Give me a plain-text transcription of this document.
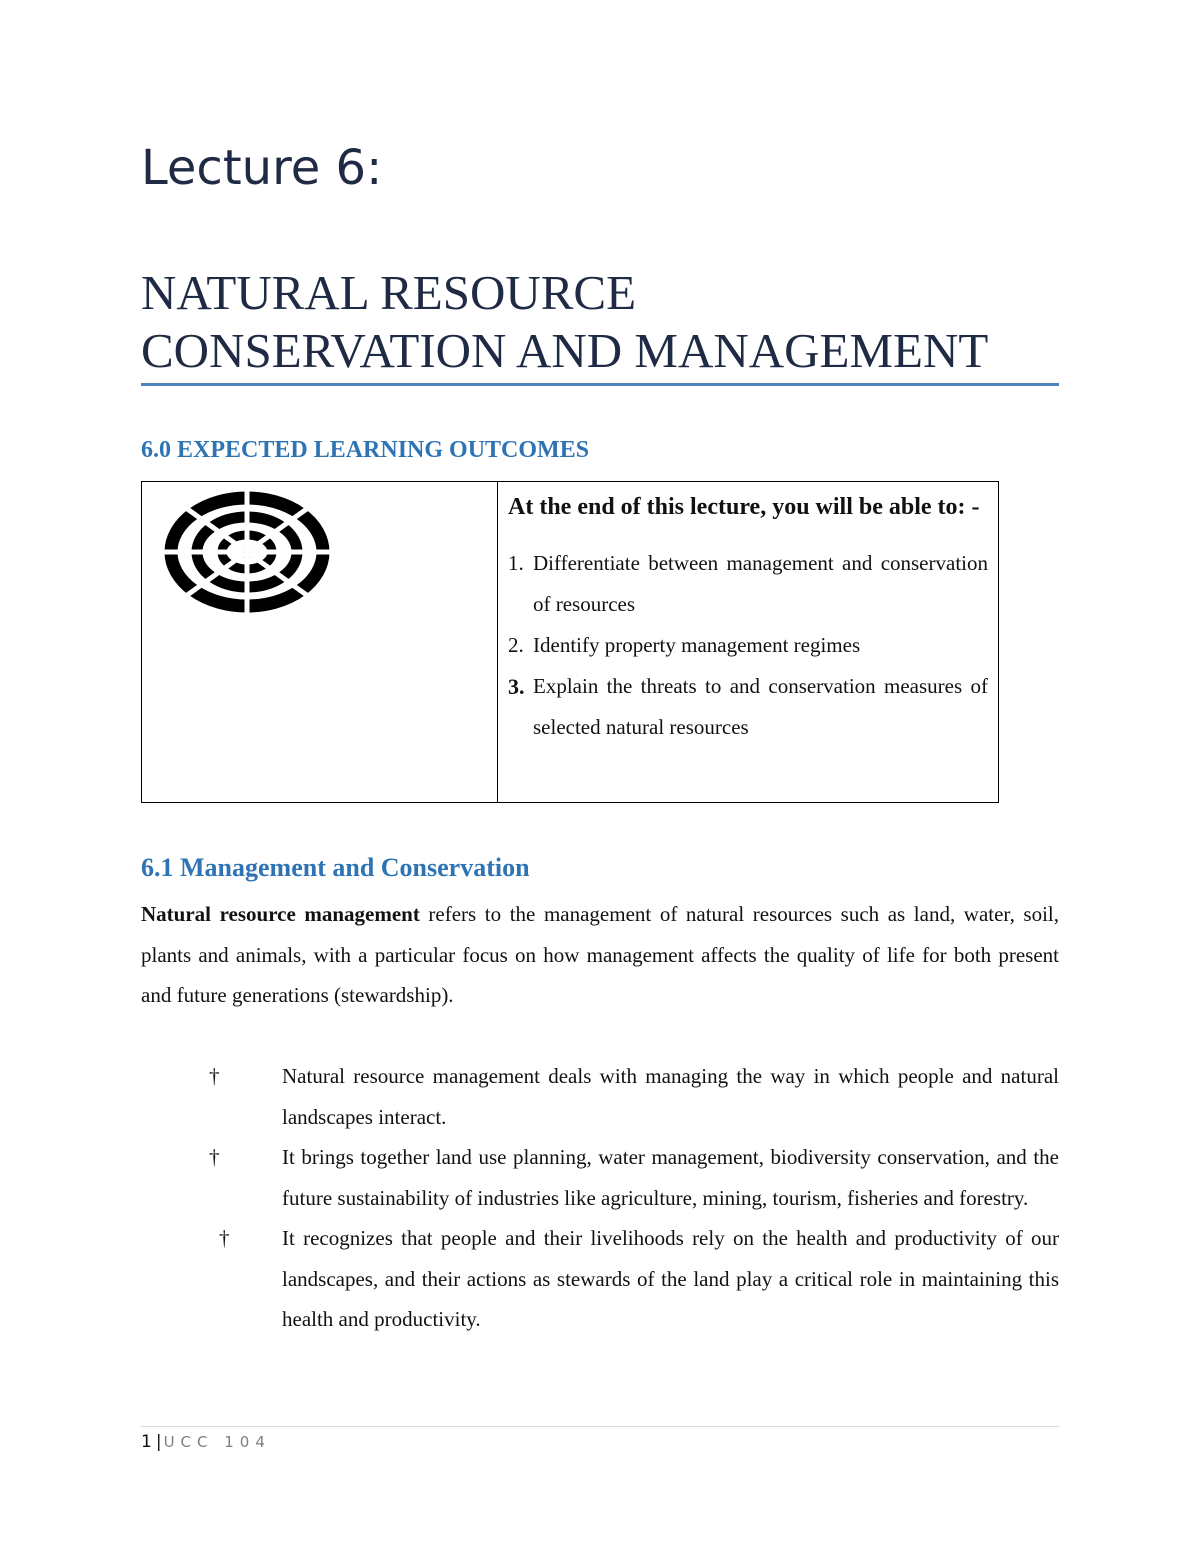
Lecture 6:
NATURAL RESOURCE
CONSERVATION AND MANAGEMENT
6.0 EXPECTED LEARNING OUTCOMES

At the end of this lecture, you will be able to: -

1. Differentiate between management and conservation of resources
2. Identify property management regimes
3. Explain the threats to and conservation measures of selected natural resources
6.1 Management and Conservation

Natural resource management refers to the management of natural resources such as land, water, soil, plants and animals, with a particular focus on how management affects the quality of life for both present and future generations (stewardship).

†	Natural resource management deals with managing the way in which people and natural landscapes interact.
†	It brings together land use planning, water management, biodiversity conservation, and the future sustainability of industries like agriculture, mining, tourism, fisheries and forestry.
†	It recognizes that people and their livelihoods rely on the health and productivity of our landscapes, and their actions as stewards of the land play a critical role in maintaining this health and productivity.
1 | UCC 104
